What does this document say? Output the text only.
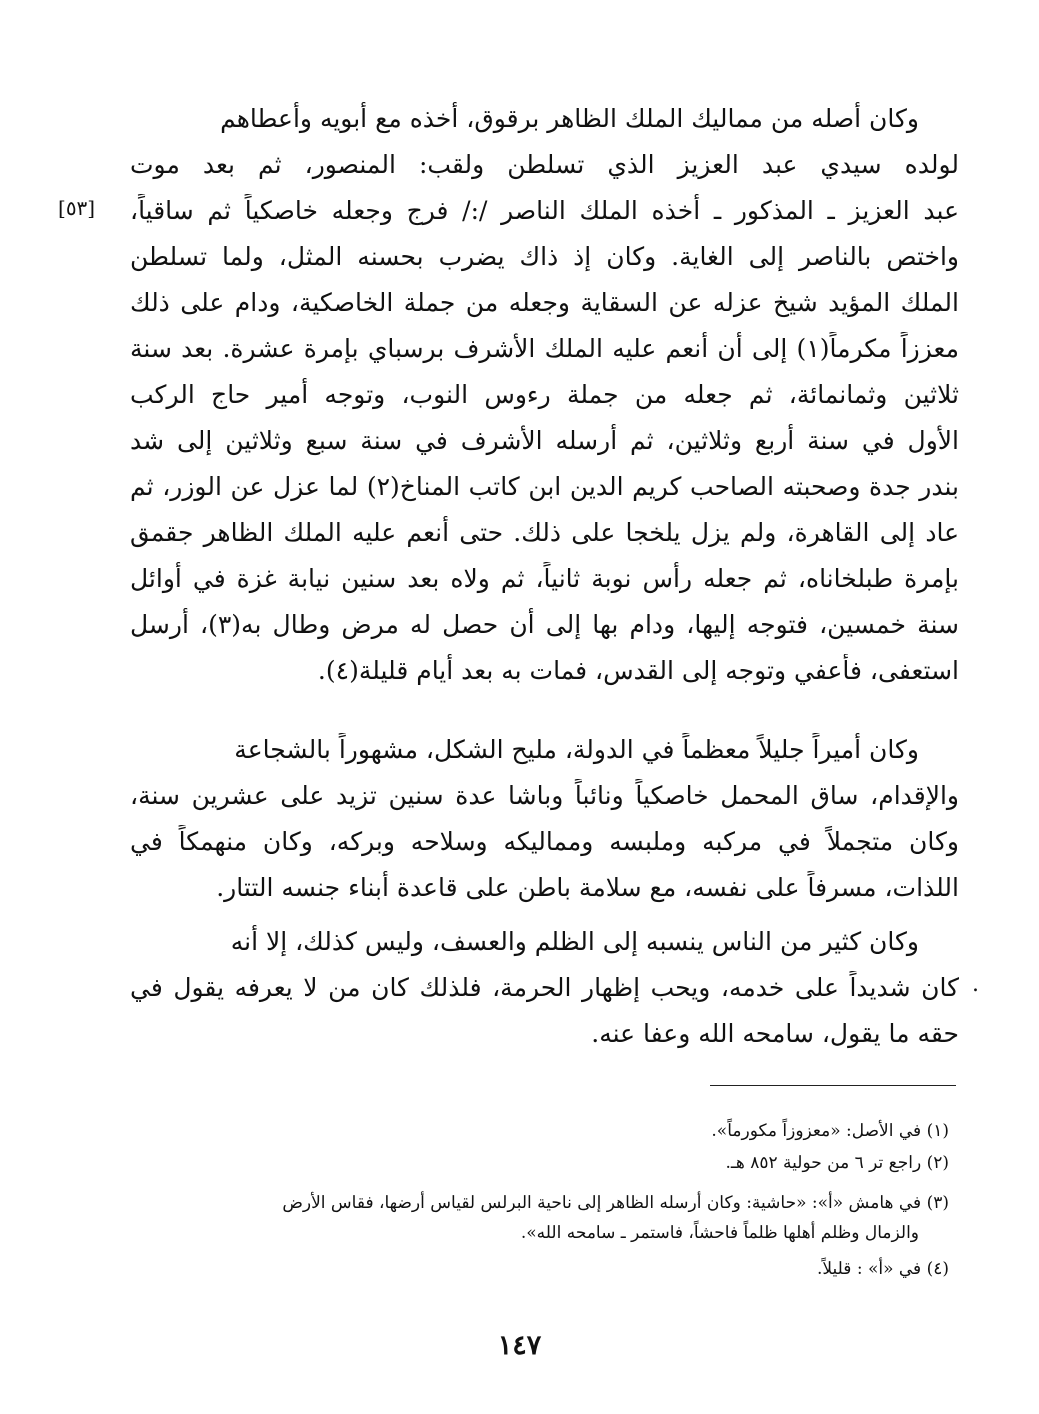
[٥٣]
وكان أصله من مماليك الملك الظاهر برقوق، أخذه مع أبويه وأعطاهم
لولده سيدي عبد العزيز الذي تسلطن ولقب: المنصور، ثم بعد موت
عبد العزيز ـ المذكور ـ أخذه الملك الناصر /:/ فرج وجعله خاصكياً ثم ساقياً،
واختص بالناصر إلى الغاية. وكان إذ ذاك يضرب بحسنه المثل، ولما تسلطن
الملك المؤيد شيخ عزله عن السقاية وجعله من جملة الخاصكية، ودام على ذلك
معززاً مكرماً(١) إلى أن أنعم عليه الملك الأشرف برسباي بإمرة عشرة. بعد سنة
ثلاثين وثمانمائة، ثم جعله من جملة رءوس النوب، وتوجه أمير حاج الركب
الأول في سنة أربع وثلاثين، ثم أرسله الأشرف في سنة سبع وثلاثين إلى شد
بندر جدة وصحبته الصاحب كريم الدين ابن كاتب المناخ(٢) لما عزل عن الوزر، ثم
عاد إلى القاهرة، ولم يزل يلخجا على ذلك. حتى أنعم عليه الملك الظاهر جقمق
بإمرة طبلخاناه، ثم جعله رأس نوبة ثانياً، ثم ولاه بعد سنين نيابة غزة في أوائل
سنة خمسين، فتوجه إليها، ودام بها إلى أن حصل له مرض وطال به(٣)، أرسل
استعفى، فأعفي وتوجه إلى القدس، فمات به بعد أيام قليلة(٤).
وكان أميراً جليلاً معظماً في الدولة، مليح الشكل، مشهوراً بالشجاعة
والإقدام، ساق المحمل خاصكياً ونائباً وباشا عدة سنين تزيد على عشرين سنة،
وكان متجملاً في مركبه وملبسه ومماليكه وسلاحه وبركه، وكان منهمكاً في
اللذات، مسرفاً على نفسه، مع سلامة باطن على قاعدة أبناء جنسه التتار.
وكان كثير من الناس ينسبه إلى الظلم والعسف، وليس كذلك، إلا أنه
كان شديداً على خدمه، ويحب إظهار الحرمة، فلذلك كان من لا يعرفه يقول في
حقه ما يقول، سامحه الله وعفا عنه.
.
(١) في الأصل: «معزوزاً مكورماً».
(٢) راجع تر ٦ من حولية ٨٥٢ هـ.
(٣) في هامش «أ»: «حاشية: وكان أرسله الظاهر إلى ناحية البرلس لقياس أرضها، فقاس الأرض
والزمال وظلم أهلها ظلماً فاحشاً، فاستمر ـ سامحه الله».
(٤) في «أ» : قليلاً.
١٤٧
